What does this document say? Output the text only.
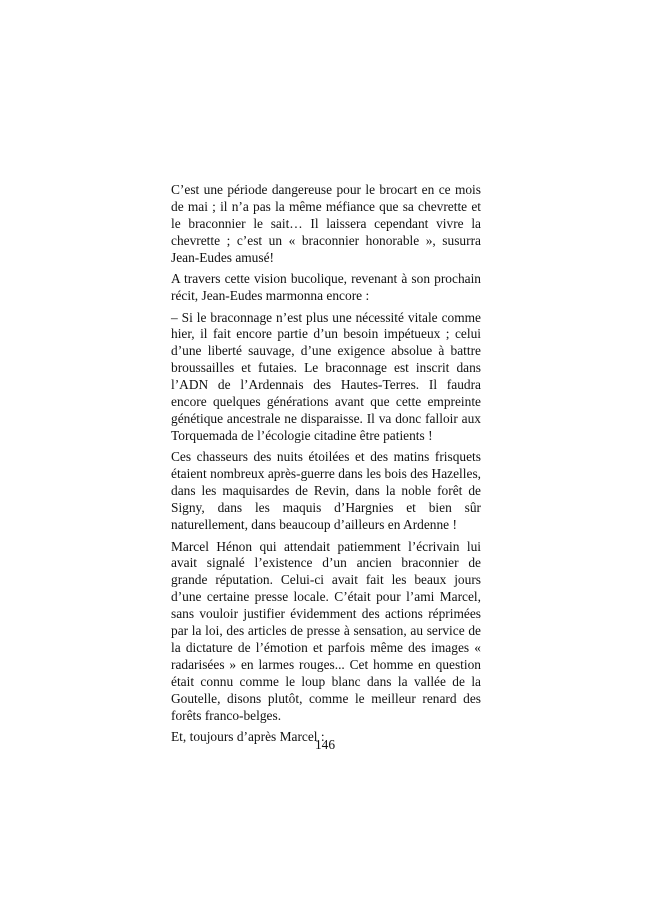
C’est une période dangereuse pour le brocart en ce mois de mai ; il n’a pas la même méfiance que sa chevrette et le braconnier le sait… Il laissera cependant vivre la chevrette ; c’est un « braconnier honorable », susurra Jean-Eudes amusé!

A travers cette vision bucolique, revenant à son prochain récit, Jean-Eudes marmonna encore :

– Si le braconnage n’est plus une nécessité vitale comme hier, il fait encore partie d’un besoin impétueux ; celui d’une liberté sauvage, d’une exigence absolue à battre broussailles et futaies. Le braconnage est inscrit dans l’ADN de l’Ardennais des Hautes-Terres. Il faudra encore quelques générations avant que cette empreinte génétique ancestrale ne disparaisse. Il va donc falloir aux Torquemada de l’écologie citadine être patients !

Ces chasseurs des nuits étoilées et des matins frisquets étaient nombreux après-guerre dans les bois des Hazelles, dans les maquisardes de Revin, dans la noble forêt de Signy, dans les maquis d’Hargnies et bien sûr naturellement, dans beaucoup d’ailleurs en Ardenne !

Marcel Hénon qui attendait patiemment l’écrivain lui avait signalé l’existence d’un ancien braconnier de grande réputation. Celui-ci avait fait les beaux jours d’une certaine presse locale. C’était pour l’ami Marcel, sans vouloir justifier évidemment des actions réprimées par la loi, des articles de presse à sensation, au service de la dictature de l’émotion et parfois même des images « radarisées » en larmes rouges... Cet homme en question était connu comme le loup blanc dans la vallée de la Goutelle, disons plutôt, comme le meilleur renard des forêts franco-belges.

Et, toujours d’après Marcel :

146
